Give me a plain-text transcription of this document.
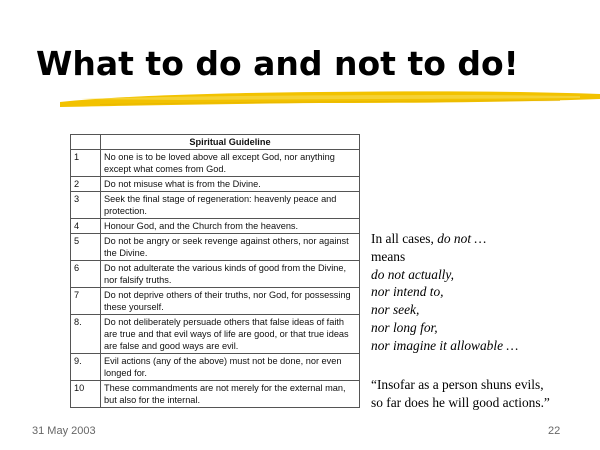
What to do and not to do!
	Spiritual Guideline
1	No one is to be loved above all except God, nor anything except what comes from God.
2	Do not misuse what is from the Divine.
3	Seek the final stage of regeneration: heavenly peace and protection.
4	Honour God, and the Church from the heavens.
5	Do not be angry or seek revenge against others, nor against the Divine.
6	Do not adulterate the various kinds of good from the Divine, nor falsify truths.
7	Do not deprive others of their truths, nor God, for possessing these yourself.
8.	Do not deliberately persuade others that false ideas of faith are true and that evil ways of life are good, or that true ideas are false and good ways are evil.
9.	Evil actions (any of the above) must not be done, nor even longed for.
10	These commandments are not merely for the external man, but also for the internal.
In all cases, do not …
means
do not actually,
nor intend to,
nor seek,
nor long for,
nor imagine it allowable …
“Insofar as a person shuns evils,
so far does he will good actions.”
31 May 2003	22
